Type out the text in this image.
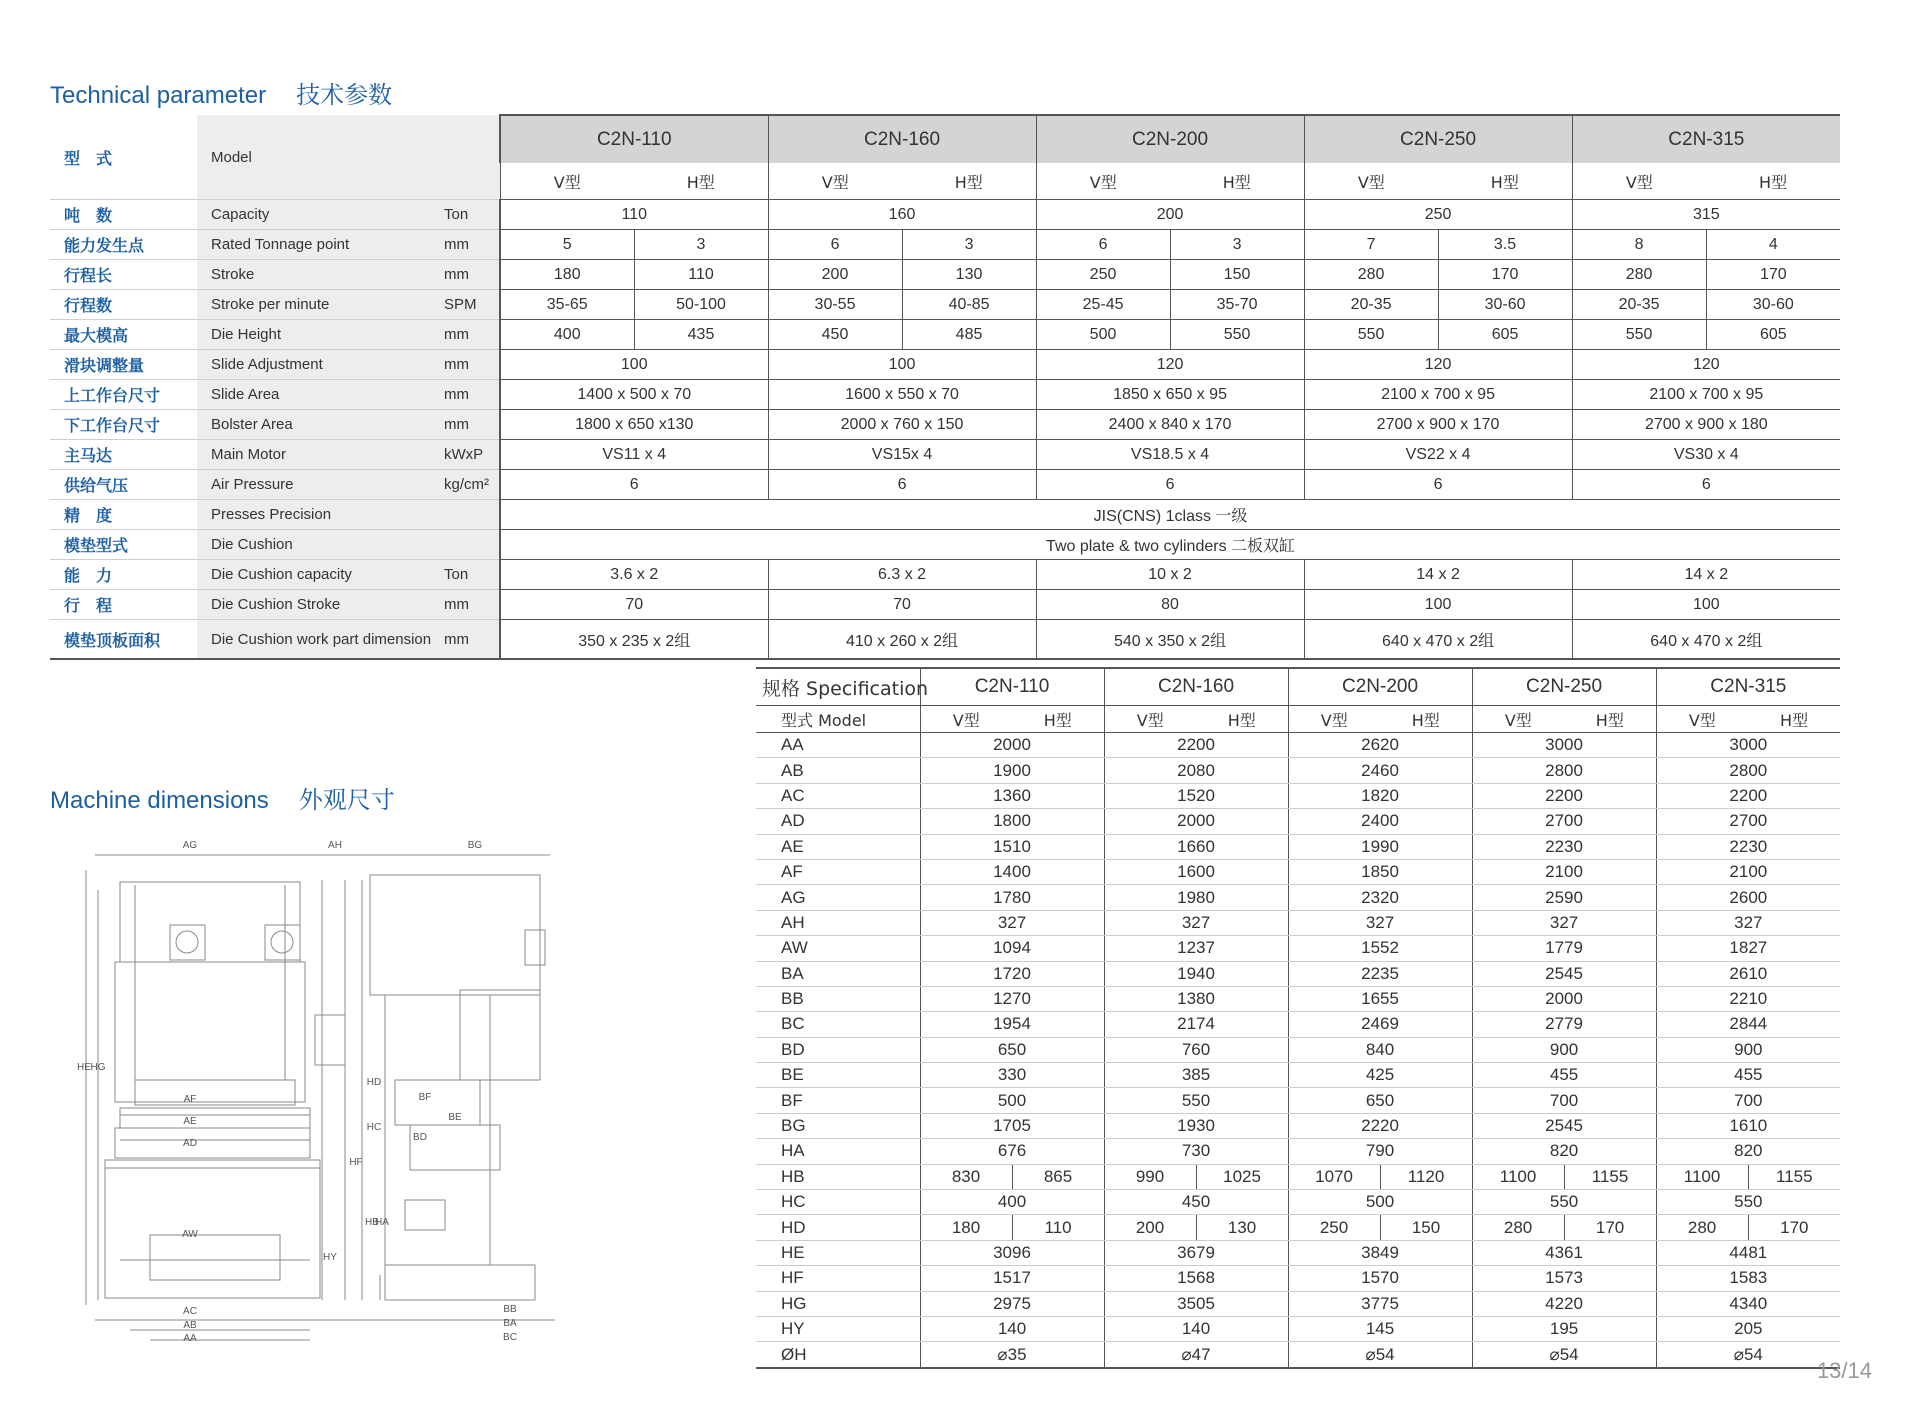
Technical parameter 技术参数
型　式	Model		C2N-110		C2N-160		C2N-200		C2N-250		C2N-315	
			V型	H型	V型	H型	V型	H型	V型	H型	V型	H型
吨　数	Capacity	Ton	110		160		200		250		315	
能力发生点	Rated Tonnage point	mm	5	3	6	3	6	3	7	3.5	8	4
行程长	Stroke	mm	180	110	200	130	250	150	280	170	280	170
行程数	Stroke per minute	SPM	35-65	50-100	30-55	40-85	25-45	35-70	20-35	30-60	20-35	30-60
最大模高	Die Height	mm	400	435	450	485	500	550	550	605	550	605
滑块调整量	Slide Adjustment	mm	100		100		120		120		120	
上工作台尺寸	Slide Area	mm	1400 x 500 x 70		1600 x 550 x 70		1850 x 650 x 95		2100 x 700 x 95		2100 x 700 x 95	
下工作台尺寸	Bolster Area	mm	1800 x 650 x130		2000 x 760 x 150		2400 x 840 x 170		2700 x 900 x 170		2700 x 900 x 180	
主马达	Main Motor	kWxP	VS11 x 4		VS15x 4		VS18.5 x 4		VS22 x 4		VS30 x 4	
供给气压	Air Pressure	kg/cm²	6		6		6		6		6	
精　度	Presses Precision		JIS(CNS) 1class 一级									
模垫型式	Die Cushion		Two plate & two cylinders 二板双缸									
能　力	Die Cushion capacity	Ton	3.6 x 2		6.3 x 2		10 x 2		14 x 2		14 x 2	
行　程	Die Cushion Stroke	mm	70		70		80		100		100	
模垫顶板面积	Die Cushion work part dimension	mm	350 x 235 x 2组		410 x 260 x 2组		540 x 350 x 2组		640 x 470 x 2组		640 x 470 x 2组	
Machine dimensions 外观尺寸
AG	AH	BG
AF
AE
AD
AW
AC
AB
AA
HE HG
HD
HC
HF
HB
HA
HY
BF
BE
BD
BB
BA
BC
规格 Specification	C2N-110		C2N-160		C2N-200		C2N-250		C2N-315	
型式 Model	V型	H型	V型	H型	V型	H型	V型	H型	V型	H型
AA	2000		2200		2620		3000		3000	
AB	1900		2080		2460		2800		2800	
AC	1360		1520		1820		2200		2200	
AD	1800		2000		2400		2700		2700	
AE	1510		1660		1990		2230		2230	
AF	1400		1600		1850		2100		2100	
AG	1780		1980		2320		2590		2600	
AH	327		327		327		327		327	
AW	1094		1237		1552		1779		1827	
BA	1720		1940		2235		2545		2610	
BB	1270		1380		1655		2000		2210	
BC	1954		2174		2469		2779		2844	
BD	650		760		840		900		900	
BE	330		385		425		455		455	
BF	500		550		650		700		700	
BG	1705		1930		2220		2545		1610	
HA	676		730		790		820		820	
HB	830	865	990	1025	1070	1120	1100	1155	1100	1155
HC	400		450		500		550		550	
HD	180	110	200	130	250	150	280	170	280	170
HE	3096		3679		3849		4361		4481	
HF	1517		1568		1570		1573		1583	
HG	2975		3505		3775		4220		4340	
HY	140		140		145		195		205	
ØH	⌀35		⌀47		⌀54		⌀54		⌀54	
13/14
